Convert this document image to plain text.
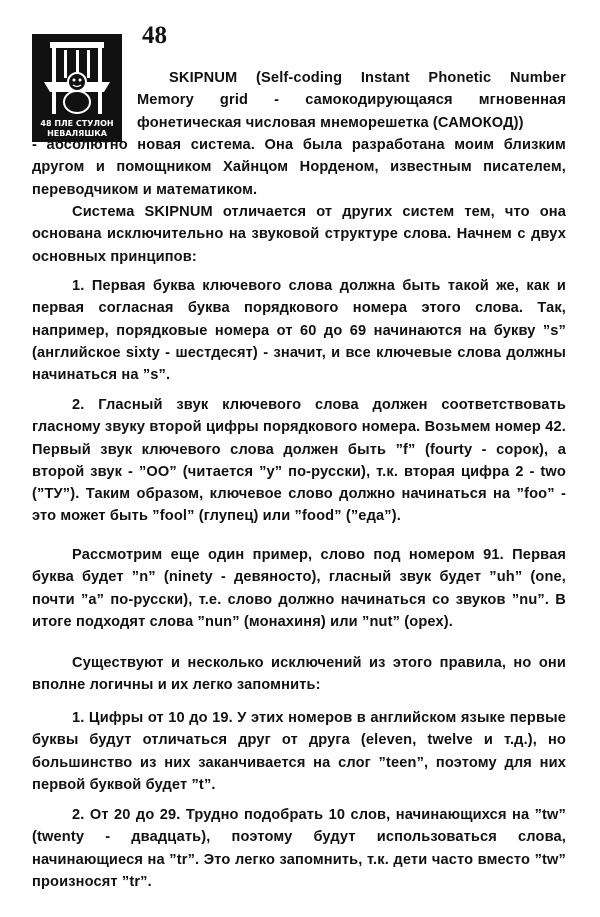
48 ПЛЕ СТУЛОН
НЕВАЛЯШКА
48
SKIPNUM (Self-coding Instant Phonetic Number Memory grid - самокодирующаяся мгновенная фонетическая числовая мнеморешетка (САМОКОД))
- абсолютно новая система. Она была разработана моим близким другом и помощником Хайнцом Норденом, известным писателем, переводчиком и математиком.
Система SKIPNUM отличается от других систем тем, что она основана исключительно на звуковой структуре слова. Начнем с двух основных принципов:
1. Первая буква ключевого слова должна быть такой же, как и первая согласная буква порядкового номера этого слова. Так, например, порядковые номера от 60 до 69 начинаются на букву ”s” (английское sixty - шестдесят) - значит, и все ключевые слова должны начинаться на ”s”.
2. Гласный звук ключевого слова должен соответствовать гласному звуку второй цифры порядкового номера. Возьмем номер 42. Первый звук ключевого слова должен быть ”f” (fourty - сорок), а второй звук - ”OO” (читается ”у” по-русски), т.к. вторая цифра 2 - two (”ТУ”). Таким образом, ключевое слово должно начинаться на ”foo” - это может быть ”fool” (глупец) или ”food” (”еда”).
Рассмотрим еще один пример, слово под номером 91. Первая буква будет ”n” (ninety - девяносто), гласный звук будет ”uh” (one, почти ”а” по-русски), т.е. слово должно начинаться со звуков ”nu”. В итоге подходят слова ”nun” (монахиня) или ”nut” (орех).
Существуют и несколько исключений из этого правила, но они вполне логичны и их легко запомнить:
1. Цифры от 10 до 19. У этих номеров в английском языке первые буквы будут отличаться друг от друга (eleven, twelve и т.д.), но большинство из них заканчивается на слог ”teen”, поэтому для них первой буквой будет ”t”.
2. От 20 до 29. Трудно подобрать 10 слов, начинающихся на ”tw” (twenty - двадцать), поэтому будут использоваться слова, начинающиеся на ”tr”. Это легко запомнить, т.к. дети часто вместо ”tw” произносят ”tr”.
